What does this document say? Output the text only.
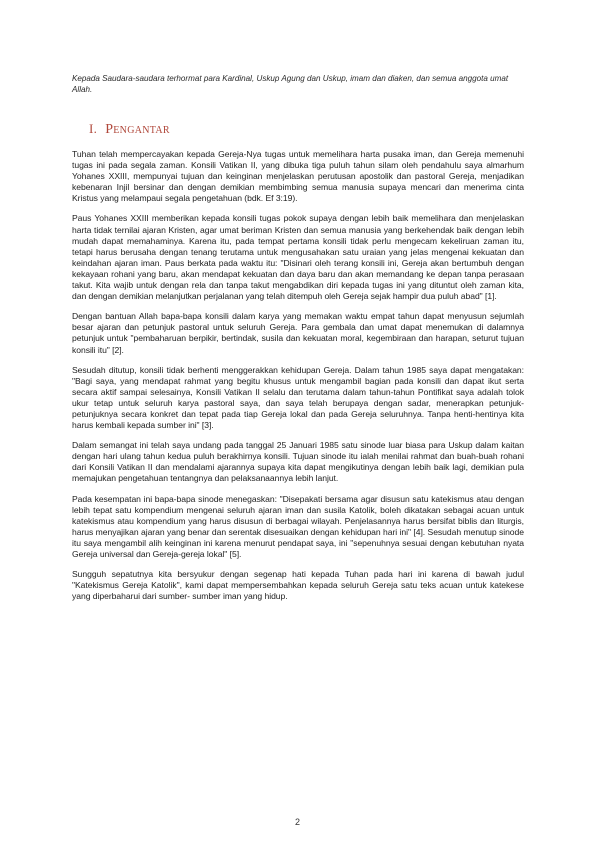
Kepada Saudara-saudara terhormat para Kardinal, Uskup Agung dan Uskup, imam dan diaken, dan semua anggota umat Allah.

I. Pengantar

Tuhan telah mempercayakan kepada Gereja-Nya tugas untuk memelihara harta pusaka iman, dan Gereja memenuhi tugas ini pada segala zaman. Konsili Vatikan II, yang dibuka tiga puluh tahun silam oleh pendahulu saya almarhum Yohanes XXIII, mempunyai tujuan dan keinginan menjelaskan perutusan apostolik dan pastoral Gereja, menjadikan kebenaran Injil bersinar dan dengan demikian membimbing semua manusia supaya mencari dan menerima cinta Kristus yang melampaui segala pengetahuan (bdk. Ef 3:19).

Paus Yohanes XXIII memberikan kepada konsili tugas pokok supaya dengan lebih baik memelihara dan menjelaskan harta tidak ternilai ajaran Kristen, agar umat beriman Kristen dan semua manusia yang berkehendak baik dengan lebih mudah dapat memahaminya. Karena itu, pada tempat pertama konsili tidak perlu mengecam kekeliruan zaman itu, tetapi harus berusaha dengan tenang terutama untuk mengusahakan satu uraian yang jelas mengenai kekuatan dan keindahan ajaran iman. Paus berkata pada waktu itu: "Disinari oleh terang konsili ini, Gereja akan bertumbuh dengan kekayaan rohani yang baru, akan mendapat kekuatan dan daya baru dan akan memandang ke depan tanpa perasaan takut. Kita wajib untuk dengan rela dan tanpa takut mengabdikan diri kepada tugas ini yang dituntut oleh zaman kita, dan dengan demikian melanjutkan perjalanan yang telah ditempuh oleh Gereja sejak hampir dua puluh abad" [1].

Dengan bantuan Allah bapa-bapa konsili dalam karya yang memakan waktu empat tahun dapat menyusun sejumlah besar ajaran dan petunjuk pastoral untuk seluruh Gereja. Para gembala dan umat dapat menemukan di dalamnya petunjuk untuk "pembaharuan berpikir, bertindak, susila dan kekuatan moral, kegembiraan dan harapan, seturut tujuan konsili itu" [2].

Sesudah ditutup, konsili tidak berhenti menggerakkan kehidupan Gereja. Dalam tahun 1985 saya dapat mengatakan: "Bagi saya, yang mendapat rahmat yang begitu khusus untuk mengambil bagian pada konsili dan dapat ikut serta secara aktif sampai selesainya, Konsili Vatikan II selalu dan terutama dalam tahun-tahun Pontifikat saya adalah tolok ukur tetap untuk seluruh karya pastoral saya, dan saya telah berupaya dengan sadar, menerapkan petunjuk-petunjuknya secara konkret dan tepat pada tiap Gereja lokal dan pada Gereja seluruhnya. Tanpa henti-hentinya kita harus kembali kepada sumber ini" [3].

Dalam semangat ini telah saya undang pada tanggal 25 Januari 1985 satu sinode luar biasa para Uskup dalam kaitan dengan hari ulang tahun kedua puluh berakhirnya konsili. Tujuan sinode itu ialah menilai rahmat dan buah-buah rohani dari Konsili Vatikan II dan mendalami ajarannya supaya kita dapat mengikutinya dengan lebih baik lagi, demikian pula memajukan pengetahuan tentangnya dan pelaksanaannya lebih lanjut.

Pada kesempatan ini bapa-bapa sinode menegaskan: "Disepakati bersama agar disusun satu katekismus atau dengan lebih tepat satu kompendium mengenai seluruh ajaran iman dan susila Katolik, boleh dikatakan sebagai acuan untuk katekismus atau kompendium yang harus disusun di berbagai wilayah. Penjelasannya harus bersifat biblis dan liturgis, harus menyajikan ajaran yang benar dan serentak disesuaikan dengan kehidupan hari ini" [4]. Sesudah menutup sinode itu saya mengambil alih keinginan ini karena menurut pendapat saya, ini "sepenuhnya sesuai dengan kebutuhan nyata Gereja universal dan Gereja-gereja lokal" [5].

Sungguh sepatutnya kita bersyukur dengan segenap hati kepada Tuhan pada hari ini karena di bawah judul "Katekismus Gereja Katolik", kami dapat mempersembahkan kepada seluruh Gereja satu teks acuan untuk katekese yang diperbaharui dari sumber- sumber iman yang hidup.

2
